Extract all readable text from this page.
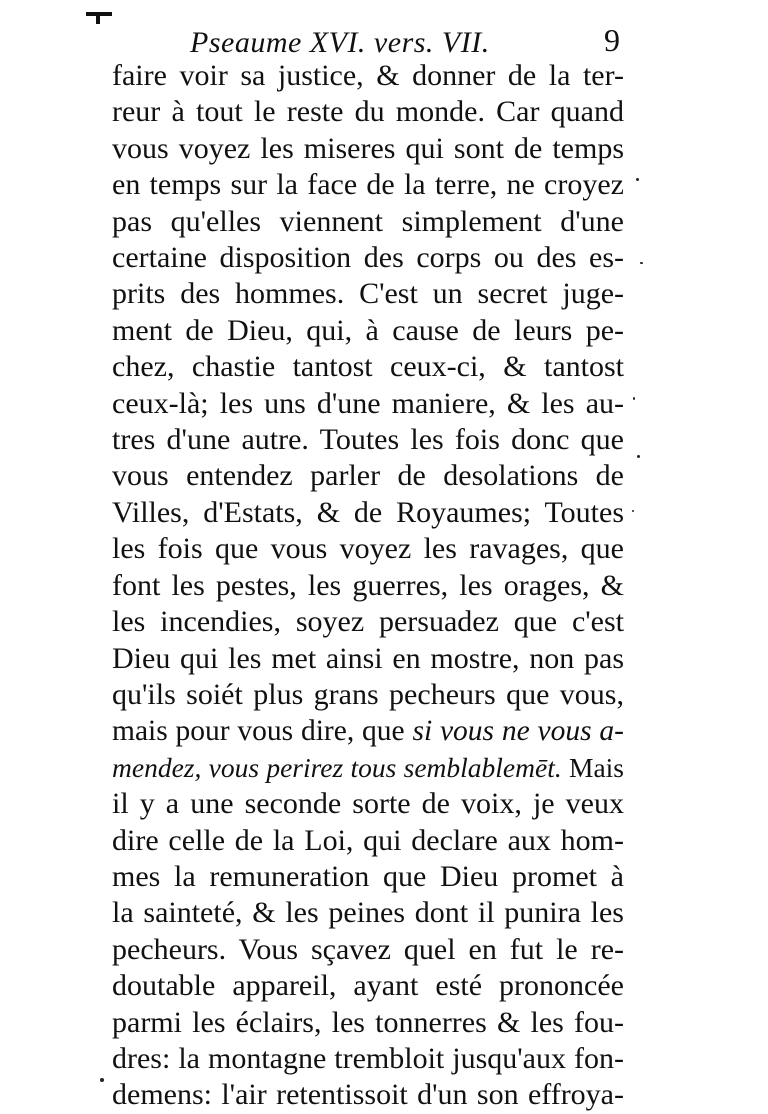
Pseaume XVI. vers. VII.	9
faire voir sa justice, & donner de la ter-
reur à tout le reste du monde. Car quand
vous voyez les miseres qui sont de temps
en temps sur la face de la terre, ne croyez
pas qu'elles viennent simplement d'une
certaine disposition des corps ou des es-
prits des hommes. C'est un secret juge-
ment de Dieu, qui, à cause de leurs pe-
chez, chastie tantost ceux-ci, & tantost
ceux-là; les uns d'une maniere, & les au-
tres d'une autre. Toutes les fois donc que
vous entendez parler de desolations de
Villes, d'Estats, & de Royaumes; Toutes
les fois que vous voyez les ravages, que
font les pestes, les guerres, les orages, &
les incendies, soyez persuadez que c'est
Dieu qui les met ainsi en mostre, non pas
qu'ils soiét plus grans pecheurs que vous,
mais pour vous dire, que si vous ne vous a-
mendez, vous perirez tous semblablemēt. Mais
il y a une seconde sorte de voix, je veux
dire celle de la Loi, qui declare aux hom-
mes la remuneration que Dieu promet à
la sainteté, & les peines dont il punira les
pecheurs. Vous sçavez quel en fut le re-
doutable appareil, ayant esté prononcée
parmi les éclairs, les tonnerres & les fou-
dres: la montagne trembloit jusqu'aux fon-
demens: l'air retentissoit d'un son effroya-
